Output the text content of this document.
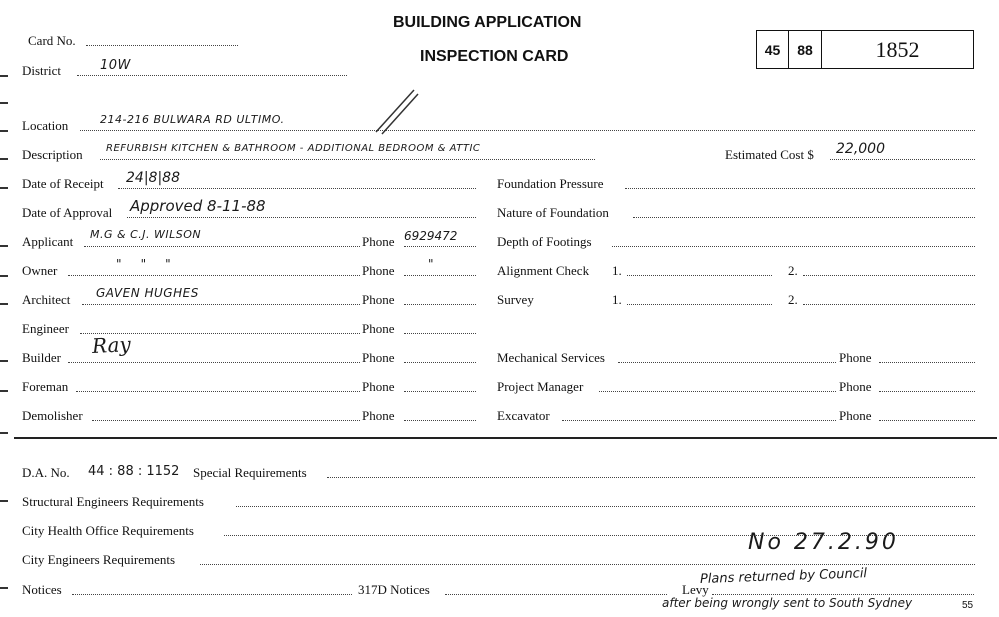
Card No.
District	10W
BUILDING APPLICATION
INSPECTION CARD	45	88	1852
Location	214-216 BULWARA RD ULTIMO.
Description REFURBISH KITCHEN & BATHROOM - ADDITIONAL BEDROOM & ATTIC	Estimated Cost $ 22,000
Date of Receipt 24|8|88	Foundation Pressure
Date of Approval Approved 8-11-88	Nature of Foundation
Applicant M.G & C.J. WILSON	Phone 6929472	Depth of Footings
Owner	"     "     "	Phone	"	Alignment Check 1.	2.
Architect GAVEN HUGHES	Phone	Survey	1.	2.
Engineer	Phone
Builder Ray	Phone	Mechanical Services	Phone
Foreman	Phone	Project Manager	Phone
Demolisher	Phone	Excavator	Phone
D.A. No. 44 : 88 : 1152 Special Requirements
Structural Engineers Requirements
City Health Office Requirements
City Engineers Requirements
No 27.2.90
Notices	317D Notices	Levy
Plans returned by Council
after being wrongly sent to South Sydney	55
